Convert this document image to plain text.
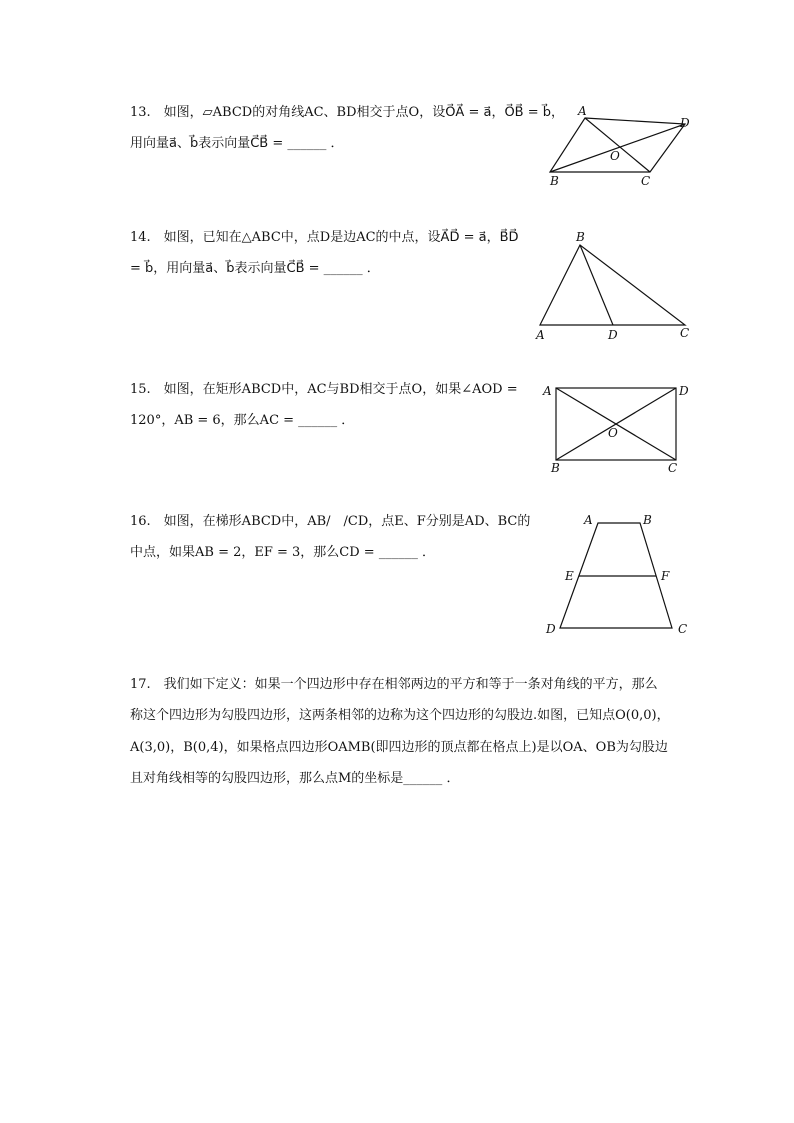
13.　如图，▱ABCD的对角线AC、BD相交于点O，设O⃗A⃗ = a⃗，O⃗B⃗ = b⃗，
用向量a⃗、b⃗表示向量C⃗B⃗ = ______ ．
A
D
O
B	C
14.　如图，已知在△ABC中，点D是边AC的中点，设A⃗D⃗ = a⃗，B⃗D⃗
= b⃗，用向量a⃗、b⃗表示向量C⃗B⃗ = ______ ．
B
A	D	C
15.　如图，在矩形ABCD中，AC与BD相交于点O，如果∠AOD =
120°，AB = 6，那么AC = ______ ．
A	D
O
B	C
16.　如图，在梯形ABCD中，AB/　/CD，点E、F分别是AD、BC的
中点，如果AB = 2，EF = 3，那么CD = ______ ．
A	B
E	F
D	C
17.　我们如下定义：如果一个四边形中存在相邻两边的平方和等于一条对角线的平方，那么
称这个四边形为勾股四边形，这两条相邻的边称为这个四边形的勾股边.如图，已知点O(0,0)，
A(3,0)，B(0,4)，如果格点四边形OAMB(即四边形的顶点都在格点上)是以OA、OB为勾股边
且对角线相等的勾股四边形，那么点M的坐标是______ ．
